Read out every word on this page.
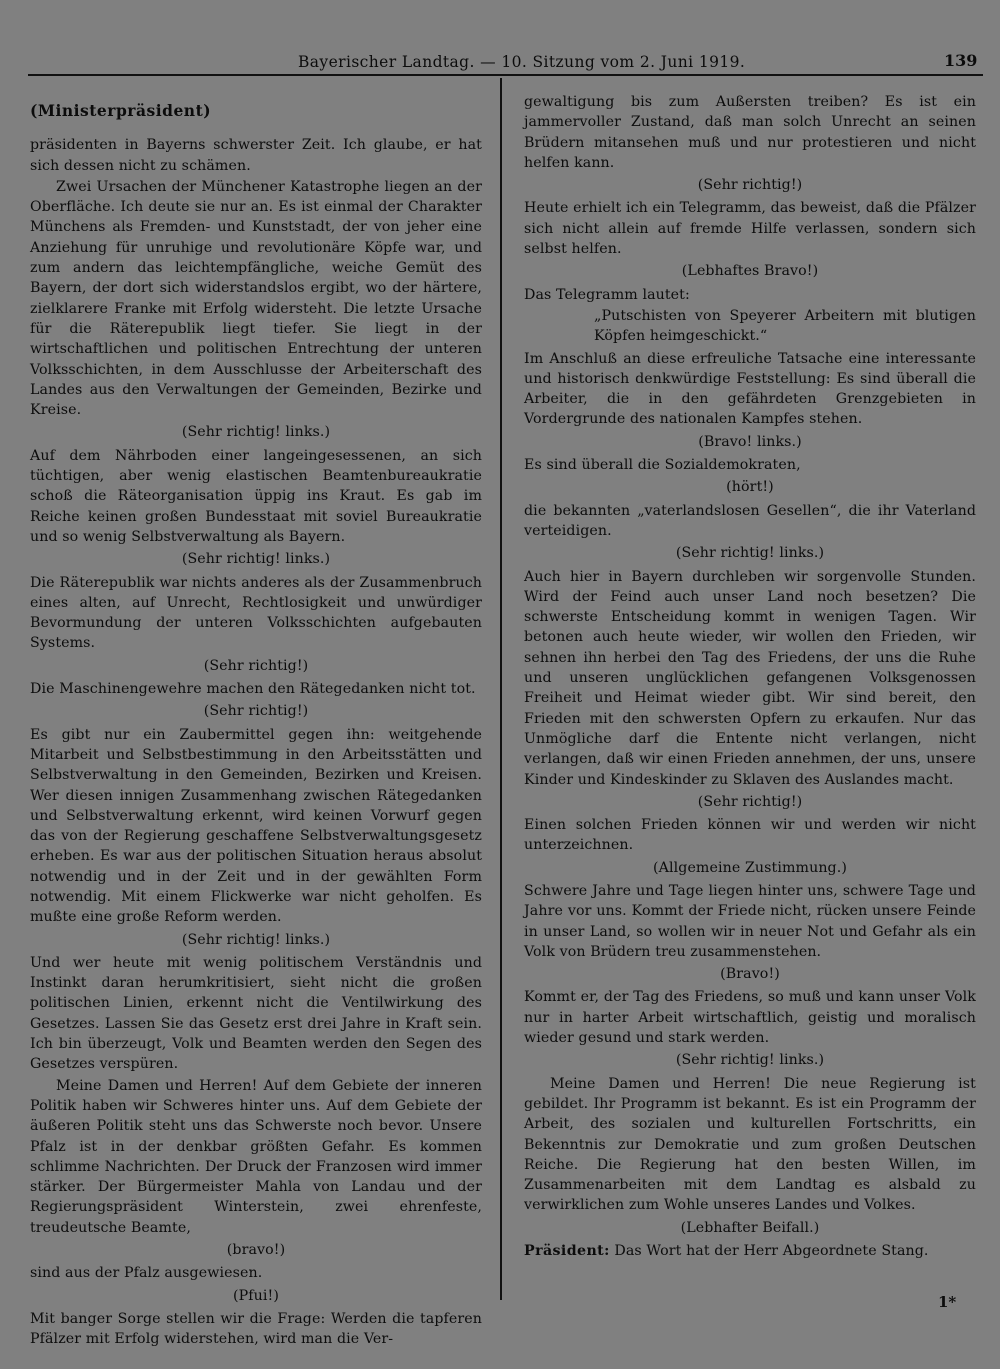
Bayerischer Landtag. — 10. Sitzung vom 2. Juni 1919.	139
(Ministerpräsident)

präsidenten in Bayerns schwerster Zeit. Ich glaube, er hat sich dessen nicht zu schämen.

Zwei Ursachen der Münchener Katastrophe liegen an der Oberfläche. Ich deute sie nur an. Es ist einmal der Charakter Münchens als Fremden- und Kunststadt, der von jeher eine Anziehung für unruhige und revolutionäre Köpfe war, und zum andern das leichtempfängliche, weiche Gemüt des Bayern, der dort sich widerstandslos ergibt, wo der härtere, zielklarere Franke mit Erfolg widersteht. Die letzte Ursache für die Räterepublik liegt tiefer. Sie liegt in der wirtschaftlichen und politischen Entrechtung der unteren Volksschichten, in dem Ausschlusse der Arbeiterschaft des Landes aus den Verwaltungen der Gemeinden, Bezirke und Kreise.

(Sehr richtig! links.)

Auf dem Nährboden einer langeingesessenen, an sich tüchtigen, aber wenig elastischen Beamtenbureaukratie schoß die Räteorganisation üppig ins Kraut. Es gab im Reiche keinen großen Bundesstaat mit soviel Bureaukratie und so wenig Selbstverwaltung als Bayern.

(Sehr richtig! links.)

Die Räterepublik war nichts anderes als der Zusammenbruch eines alten, auf Unrecht, Rechtlosigkeit und unwürdiger Bevormundung der unteren Volksschichten aufgebauten Systems.

(Sehr richtig!)

Die Maschinengewehre machen den Rätegedanken nicht tot.

(Sehr richtig!)

Es gibt nur ein Zaubermittel gegen ihn: weitgehende Mitarbeit und Selbstbestimmung in den Arbeitsstätten und Selbstverwaltung in den Gemeinden, Bezirken und Kreisen. Wer diesen innigen Zusammenhang zwischen Rätegedanken und Selbstverwaltung erkennt, wird keinen Vorwurf gegen das von der Regierung geschaffene Selbstverwaltungsgesetz erheben. Es war aus der politischen Situation heraus absolut notwendig und in der Zeit und in der gewählten Form notwendig. Mit einem Flickwerke war nicht geholfen. Es mußte eine große Reform werden.

(Sehr richtig! links.)

Und wer heute mit wenig politischem Verständnis und Instinkt daran herumkritisiert, sieht nicht die großen politischen Linien, erkennt nicht die Ventilwirkung des Gesetzes. Lassen Sie das Gesetz erst drei Jahre in Kraft sein. Ich bin überzeugt, Volk und Beamten werden den Segen des Gesetzes verspüren.

Meine Damen und Herren! Auf dem Gebiete der inneren Politik haben wir Schweres hinter uns. Auf dem Gebiete der äußeren Politik steht uns das Schwerste noch bevor. Unsere Pfalz ist in der denkbar größten Gefahr. Es kommen schlimme Nachrichten. Der Druck der Franzosen wird immer stärker. Der Bürgermeister Mahla von Landau und der Regierungspräsident Winterstein, zwei ehrenfeste, treudeutsche Beamte,

(bravo!)

sind aus der Pfalz ausgewiesen.

(Pfui!)

Mit banger Sorge stellen wir die Frage: Werden die tapferen Pfälzer mit Erfolg widerstehen, wird man die Ver-

gewaltigung bis zum Außersten treiben? Es ist ein jammervoller Zustand, daß man solch Unrecht an seinen Brüdern mitansehen muß und nur protestieren und nicht helfen kann.

(Sehr richtig!)

Heute erhielt ich ein Telegramm, das beweist, daß die Pfälzer sich nicht allein auf fremde Hilfe verlassen, sondern sich selbst helfen.

(Lebhaftes Bravo!)

Das Telegramm lautet:

„Putschisten von Speyerer Arbeitern mit blutigen Köpfen heimgeschickt.“

Im Anschluß an diese erfreuliche Tatsache eine interessante und historisch denkwürdige Feststellung: Es sind überall die Arbeiter, die in den gefährdeten Grenzgebieten in Vordergrunde des nationalen Kampfes stehen.

(Bravo! links.)

Es sind überall die Sozialdemokraten,

(hört!)

die bekannten „vaterlandslosen Gesellen“, die ihr Vaterland verteidigen.

(Sehr richtig! links.)

Auch hier in Bayern durchleben wir sorgenvolle Stunden. Wird der Feind auch unser Land noch besetzen? Die schwerste Entscheidung kommt in wenigen Tagen. Wir betonen auch heute wieder, wir wollen den Frieden, wir sehnen ihn herbei den Tag des Friedens, der uns die Ruhe und unseren unglücklichen gefangenen Volksgenossen Freiheit und Heimat wieder gibt. Wir sind bereit, den Frieden mit den schwersten Opfern zu erkaufen. Nur das Unmögliche darf die Entente nicht verlangen, nicht verlangen, daß wir einen Frieden annehmen, der uns, unsere Kinder und Kindeskinder zu Sklaven des Auslandes macht.

(Sehr richtig!)

Einen solchen Frieden können wir und werden wir nicht unterzeichnen.

(Allgemeine Zustimmung.)

Schwere Jahre und Tage liegen hinter uns, schwere Tage und Jahre vor uns. Kommt der Friede nicht, rücken unsere Feinde in unser Land, so wollen wir in neuer Not und Gefahr als ein Volk von Brüdern treu zusammenstehen.

(Bravo!)

Kommt er, der Tag des Friedens, so muß und kann unser Volk nur in harter Arbeit wirtschaftlich, geistig und moralisch wieder gesund und stark werden.

(Sehr richtig! links.)

Meine Damen und Herren! Die neue Regierung ist gebildet. Ihr Programm ist bekannt. Es ist ein Programm der Arbeit, des sozialen und kulturellen Fortschritts, ein Bekenntnis zur Demokratie und zum großen Deutschen Reiche. Die Regierung hat den besten Willen, im Zusammenarbeiten mit dem Landtag es alsbald zu verwirklichen zum Wohle unseres Landes und Volkes.

(Lebhafter Beifall.)

Präsident: Das Wort hat der Herr Abgeordnete Stang.

1*
